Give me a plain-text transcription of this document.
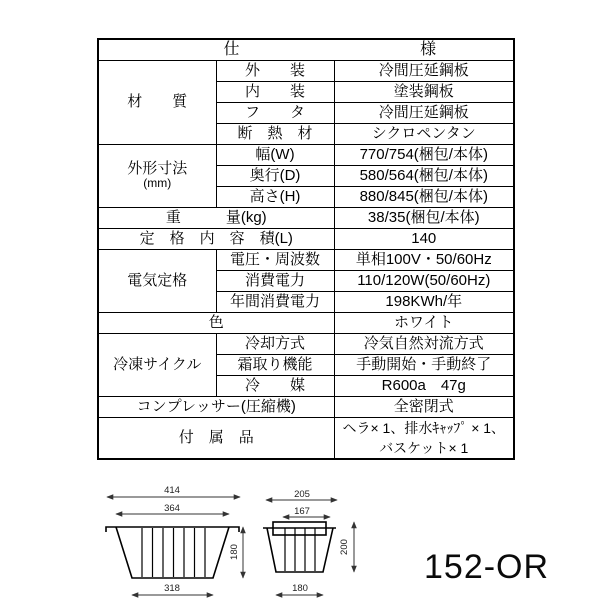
仕 様		

材　　質	外　　装	冷間圧延鋼板
	内　　装	塗装鋼板
	フ　　タ	冷間圧延鋼板
	断　熱　材	シクロペンタン

外形寸法
(mm)	幅(W)	770/754(梱包/本体)
	奥行(D)	580/564(梱包/本体)
	高さ(H)	880/845(梱包/本体)
重　　　量(kg)		38/35(梱包/本体)
定　格　内　容　積(L)		140
電気定格	電圧・周波数	単相100V・50/60Hz
	消費電力	110/120W(50/60Hz)
	年間消費電力	198KWh/年
色		ホワイト
冷凍サイクル	冷却方式	冷気自然対流方式
	霜取り機能	手動開始・手動終了
	冷　　媒	R600a　47g
コンプレッサー(圧縮機)		全密閉式
付　属　品		ヘラ× 1、排水ｷｬｯﾌﾟ × 1、
バスケット× 1
414
364
180
318
205
167
200
180
152-OR
